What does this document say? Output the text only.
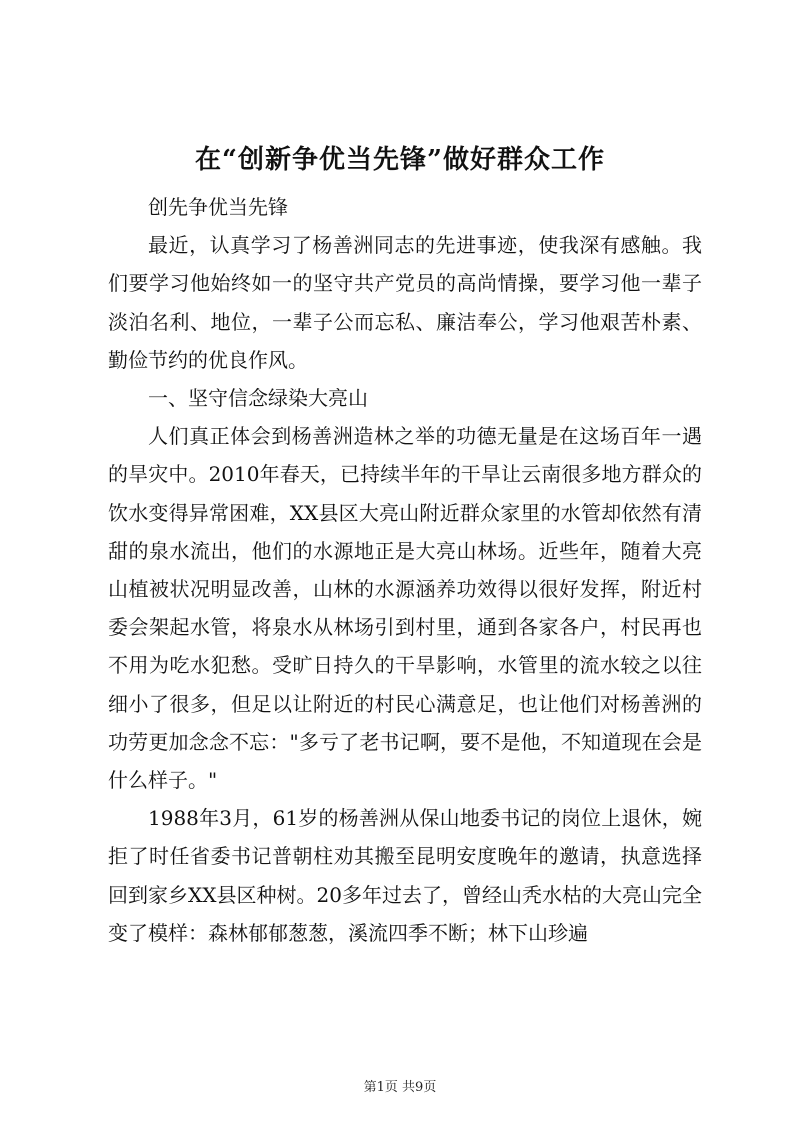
在“创新争优当先锋”做好群众工作

创先争优当先锋

最近，认真学习了杨善洲同志的先进事迹，使我深有感触。我们要学习他始终如一的坚守共产党员的高尚情操，要学习他一辈子淡泊名利、地位，一辈子公而忘私、廉洁奉公，学习他艰苦朴素、勤俭节约的优良作风。

一、坚守信念绿染大亮山

人们真正体会到杨善洲造林之举的功德无量是在这场百年一遇的旱灾中。2010年春天，已持续半年的干旱让云南很多地方群众的饮水变得异常困难，XX县区大亮山附近群众家里的水管却依然有清甜的泉水流出，他们的水源地正是大亮山林场。近些年，随着大亮山植被状况明显改善，山林的水源涵养功效得以很好发挥，附近村委会架起水管，将泉水从林场引到村里，通到各家各户，村民再也不用为吃水犯愁。受旷日持久的干旱影响，水管里的流水较之以往细小了很多，但足以让附近的村民心满意足，也让他们对杨善洲的功劳更加念念不忘："多亏了老书记啊，要不是他，不知道现在会是什么样子。"

1988年3月，61岁的杨善洲从保山地委书记的岗位上退休，婉拒了时任省委书记普朝柱劝其搬至昆明安度晚年的邀请，执意选择回到家乡XX县区种树。20多年过去了，曾经山秃水枯的大亮山完全变了模样：森林郁郁葱葱，溪流四季不断；林下山珍遍

第1页 共9页
